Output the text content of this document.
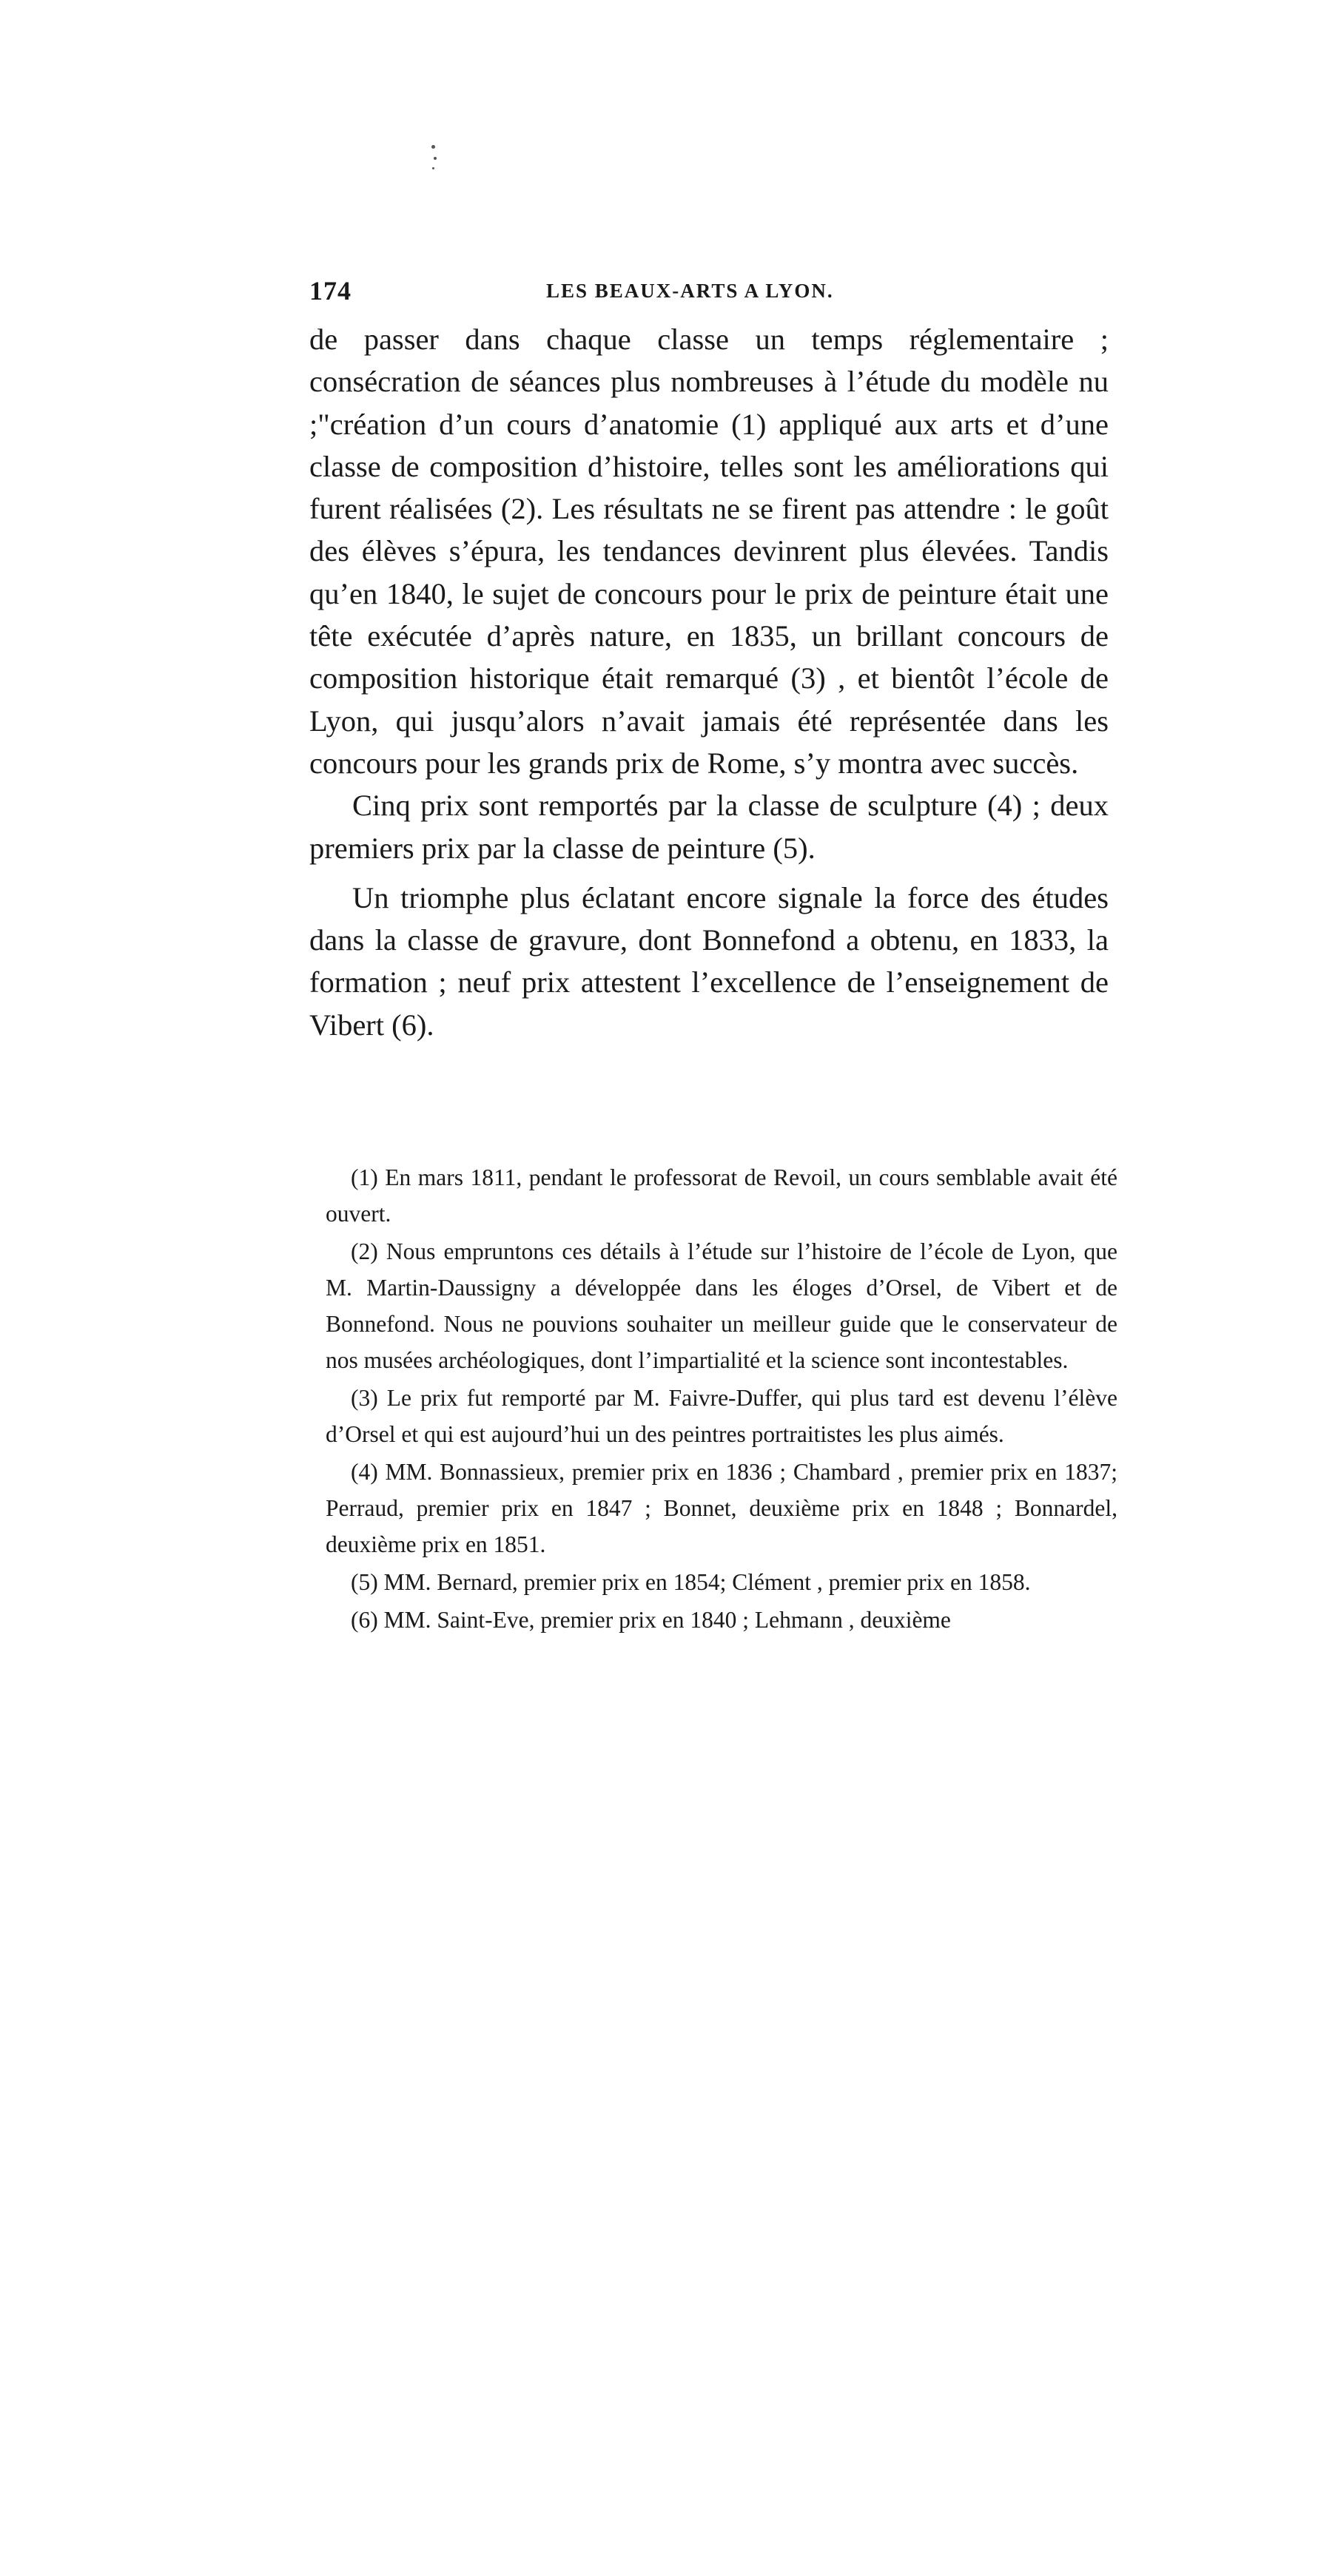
174	LES BEAUX-ARTS A LYON.

de passer dans chaque classe un temps réglementaire ; consécration de séances plus nombreuses à l’étude du modèle nu ;"création d’un cours d’anatomie (1) appliqué aux arts et d’une classe de composition d’histoire, telles sont les améliorations qui furent réalisées (2). Les résultats ne se firent pas attendre : le goût des élèves s’épura, les tendances devinrent plus élevées. Tandis qu’en 1840, le sujet de concours pour le prix de peinture était une tête exécutée d’après nature, en 1835, un brillant concours de composition historique était remarqué (3) , et bientôt l’école de Lyon, qui jusqu’alors n’avait jamais été représentée dans les concours pour les grands prix de Rome, s’y montra avec succès.

Cinq prix sont remportés par la classe de sculpture (4) ; deux premiers prix par la classe de peinture (5).

Un triomphe plus éclatant encore signale la force des études dans la classe de gravure, dont Bonnefond a obtenu, en 1833, la formation ; neuf prix attestent l’excellence de l’enseignement de Vibert (6).

(1) En mars 1811, pendant le professorat de Revoil, un cours semblable avait été ouvert.

(2) Nous empruntons ces détails à l’étude sur l’histoire de l’école de Lyon, que M. Martin-Daussigny a développée dans les éloges d’Orsel, de Vibert et de Bonnefond. Nous ne pouvions souhaiter un meilleur guide que le conservateur de nos musées archéologiques, dont l’impartialité et la science sont incontestables.

(3) Le prix fut remporté par M. Faivre-Duffer, qui plus tard est devenu l’élève d’Orsel et qui est aujourd’hui un des peintres portraitistes les plus aimés.

(4) MM. Bonnassieux, premier prix en 1836 ; Chambard , premier prix en 1837; Perraud, premier prix en 1847 ; Bonnet, deuxième prix en 1848 ; Bonnardel, deuxième prix en 1851.

(5) MM. Bernard, premier prix en 1854; Clément , premier prix en 1858.

(6) MM. Saint-Eve, premier prix en 1840 ; Lehmann , deuxième
